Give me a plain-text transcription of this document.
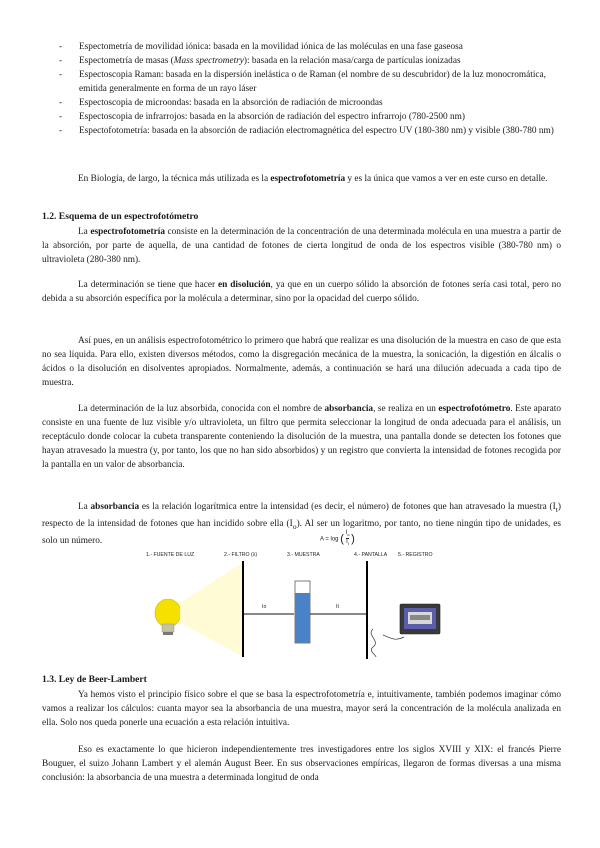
- Espectometría de movilidad iónica: basada en la movilidad iónica de las moléculas en una fase gaseosa
- Espectometría de masas (Mass spectrometry): basada en la relación masa/carga de partículas ionizadas
- Espectoscopia Raman: basada en la dispersión inelástica o de Raman (el nombre de su descubridor) de la luz monocromática, emitida generalmente en forma de un rayo láser
- Espectoscopia de microondas: basada en la absorción de radiación de microondas
- Espectoscopia de infrarrojos: basada en la absorción de radiación del espectro infrarrojo (780-2500 nm)
- Espectofotometría: basada en la absorción de radiación electromagnética del espectro UV (180-380 nm) y visible (380-780 nm)

En Biología, de largo, la técnica más utilizada es la espectrofotometría y es la única que vamos a ver en este curso en detalle.

1.2. Esquema de un espectrofotómetro

La espectrofotometría consiste en la determinación de la concentración de una determinada molécula en una muestra a partir de la absorción, por parte de aquella, de una cantidad de fotones de cierta longitud de onda de los espectros visible (380-780 nm) o ultravioleta (280-380 nm).

La determinación se tiene que hacer en disolución, ya que en un cuerpo sólido la absorción de fotones sería casi total, pero no debida a su absorción específica por la molécula a determinar, sino por la opacidad del cuerpo sólido.

Así pues, en un análisis espectrofotométrico lo primero que habrá que realizar es una disolución de la muestra en caso de que esta no sea líquida. Para ello, existen diversos métodos, como la disgregación mecánica de la muestra, la sonicación, la digestión en álcalis o ácidos o la disolución en disolventes apropiados. Normalmente, además, a continuación se hará una dilución adecuada a cada tipo de muestra.

La determinación de la luz absorbida, conocida con el nombre de absorbancia, se realiza en un espectrofotómetro. Este aparato consiste en una fuente de luz visible y/o ultravioleta, un filtro que permita seleccionar la longitud de onda adecuada para el análisis, un receptáculo donde colocar la cubeta transparente conteniendo la disolución de la muestra, una pantalla donde se detecten los fotones que hayan atravesado la muestra (y, por tanto, los que no han sido absorbidos) y un registro que convierta la intensidad de fotones recogida por la pantalla en un valor de absorbancia.

La absorbancia es la relación logarítmica entre la intensidad (es decir, el número) de fotones que han atravesado la muestra $(I_t)$ respecto de la intensidad de fotones que han incidido sobre ella $(I_o)$. Al ser un logaritmo, por tanto, no tiene ningún tipo de unidades, es solo un número.	A = log ( $\frac{I_o}{I_t}$ )
1.- FUENTE DE LUZ	2.- FILTRO (λ)	3.- MUESTRA	4.- PANTALLA 5.- REGISTRO
Io	It

1.3. Ley de Beer-Lambert

Ya hemos visto el principio físico sobre el que se basa la espectrofotometría e, intuitivamente, también podemos imaginar cómo vamos a realizar los cálculos: cuanta mayor sea la absorbancia de una muestra, mayor será la concentración de la molécula analizada en ella. Solo nos queda ponerle una ecuación a esta relación intuitiva.

Eso es exactamente lo que hicieron independientemente tres investigadores entre los siglos XVIII y XIX: el francés Pierre Bouguer, el suizo Johann Lambert y el alemán August Beer. En sus observaciones empíricas, llegaron de formas diversas a una misma conclusión: la absorbancia de una muestra a determinada longitud de onda
